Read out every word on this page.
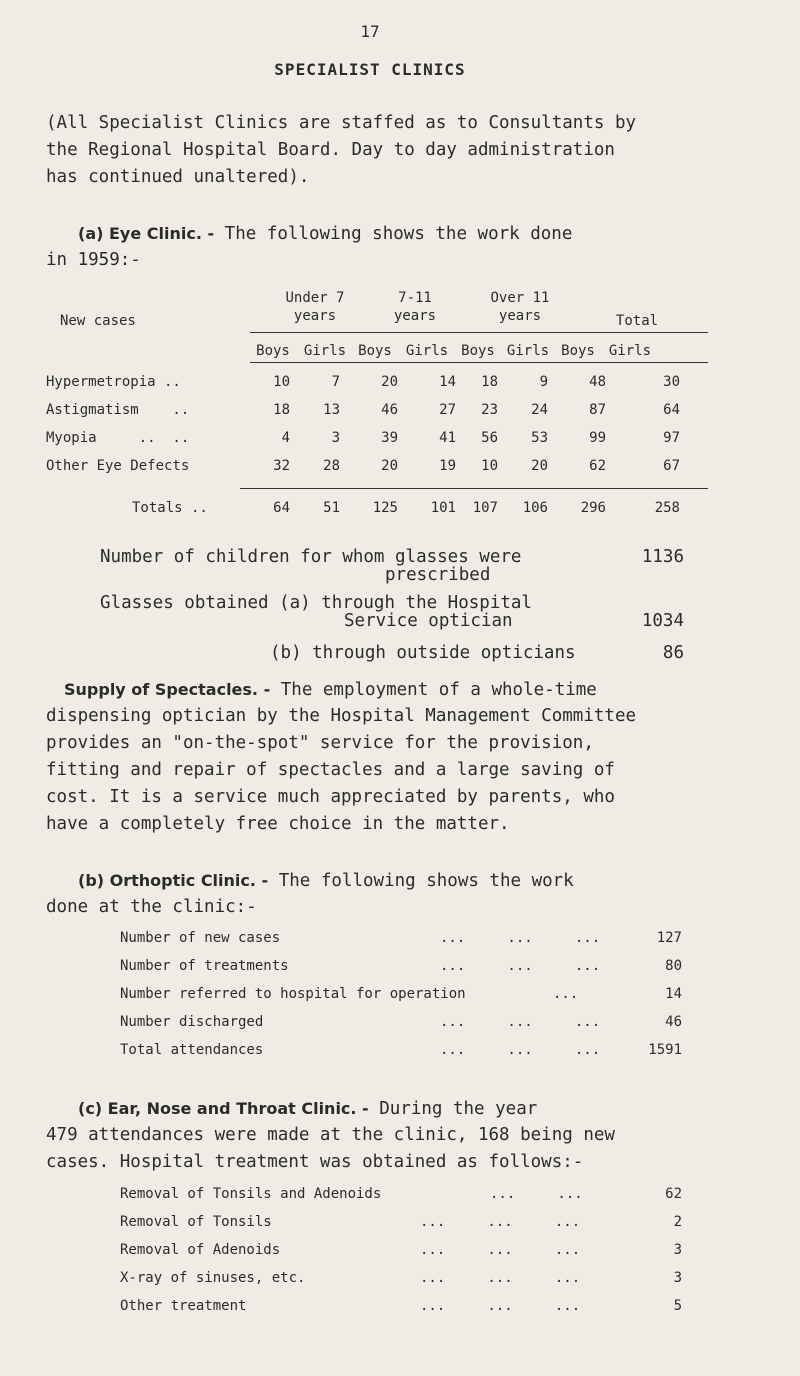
17
SPECIALIST CLINICS
(All Specialist Clinics are staffed as to Consultants by
the Regional Hospital Board. Day to day administration
has continued unaltered).
(a) Eye Clinic. - The following shows the work done
in 1959:-
New cases
Under 7
years
7-11
years
Over 11
years	Total
Boys	Girls Boys	Girls Boys Girls Boys	Girls
Hypermetropia ..	10	7	20	14	18	9	48	30
Astigmatism    ..	18	13	46	27	23	24	87	64
Myopia     ..  ..	4	3	39	41	56	53	99	97
Other Eye Defects	32	28	20	19	10	20	62	67
Totals ..	64	51	125	101	107	106	296	258
Number of children for whom glasses were
prescribed
1136
Glasses obtained (a) through the Hospital
Service optician	1034
(b) through outside opticians	86
Supply of Spectacles. - The employment of a whole-time
dispensing optician by the Hospital Management Committee
provides an "on-the-spot" service for the provision,
fitting and repair of spectacles and a large saving of
cost. It is a service much appreciated by parents, who
have a completely free choice in the matter.
(b) Orthoptic Clinic. - The following shows the work
done at the clinic:-
Number of new cases	...     ...     ...	127
Number of treatments	...     ...     ...	80
Number referred to hospital for operation	...	14
Number discharged	...     ...     ...	46
Total attendances	...     ...     ...	1591
(c) Ear, Nose and Throat Clinic. - During the year
479 attendances were made at the clinic, 168 being new
cases. Hospital treatment was obtained as follows:-
Removal of Tonsils and Adenoids	...     ...	62
Removal of Tonsils	...     ...     ...	2
Removal of Adenoids	...     ...     ...	3
X-ray of sinuses, etc.	...     ...     ...	3
Other treatment	...     ...     ...	5
